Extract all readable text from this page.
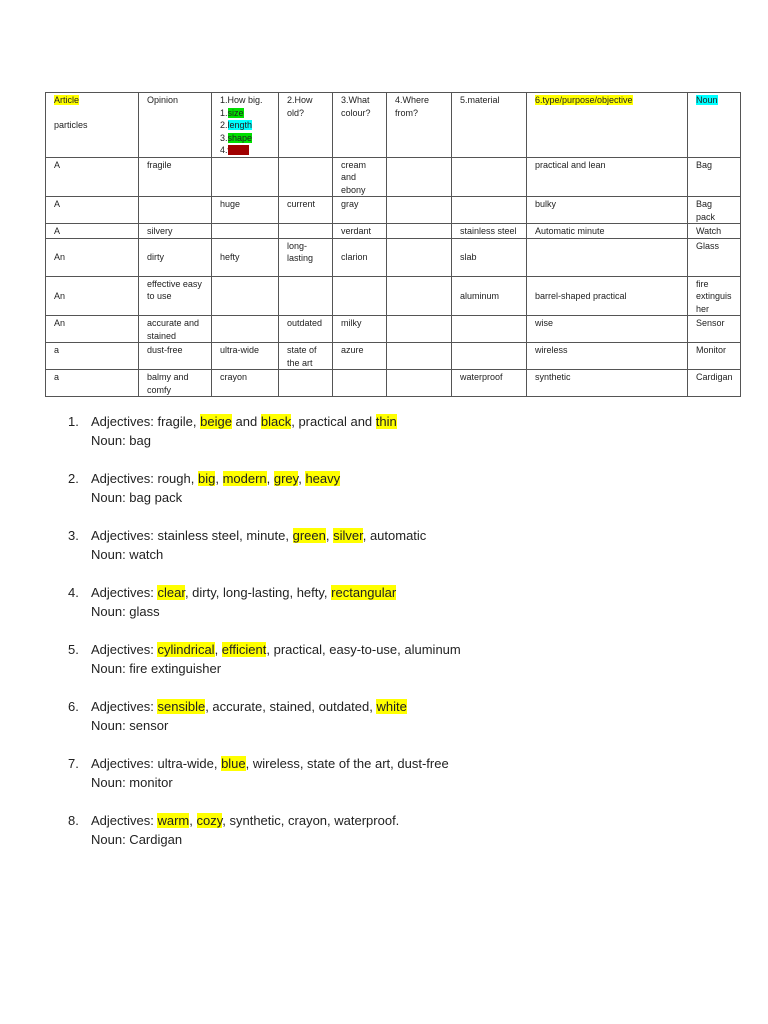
Article
particles	Opinion	1.How big.
1.size
2.length
3.shape
4.width	2.How old?	3.What colour?	4.Where from?	5.material	6.type/purpose/objective	Noun
A	fragile			cream and ebony			practical and lean	Bag
A		huge	current	gray			bulky	Bag pack
A	silvery			verdant		stainless steel	Automatic minute	Watch
An	dirty	hefty	long-lasting	clarion		slab		Glass
An	effective easy to use					aluminum	barrel-shaped practical	fire extinguisher
An	accurate and stained		outdated	milky			wise	Sensor
a	dust-free	ultra-wide	state of the art	azure			wireless	Monitor
a	balmy and comfy	crayon				waterproof	synthetic	Cardigan
1. Adjectives: fragile, beige and black, practical and thin
Noun: bag
2. Adjectives: rough, big, modern, grey, heavy
Noun: bag pack
3. Adjectives: stainless steel, minute, green, silver, automatic
Noun: watch
4. Adjectives: clear, dirty, long-lasting, hefty, rectangular
Noun: glass
5. Adjectives: cylindrical, efficient, practical, easy-to-use, aluminum
Noun: fire extinguisher
6. Adjectives: sensible, accurate, stained, outdated, white
Noun: sensor
7. Adjectives: ultra-wide, blue, wireless, state of the art, dust-free
Noun: monitor
8. Adjectives: warm, cozy, synthetic, crayon, waterproof.
Noun: Cardigan
